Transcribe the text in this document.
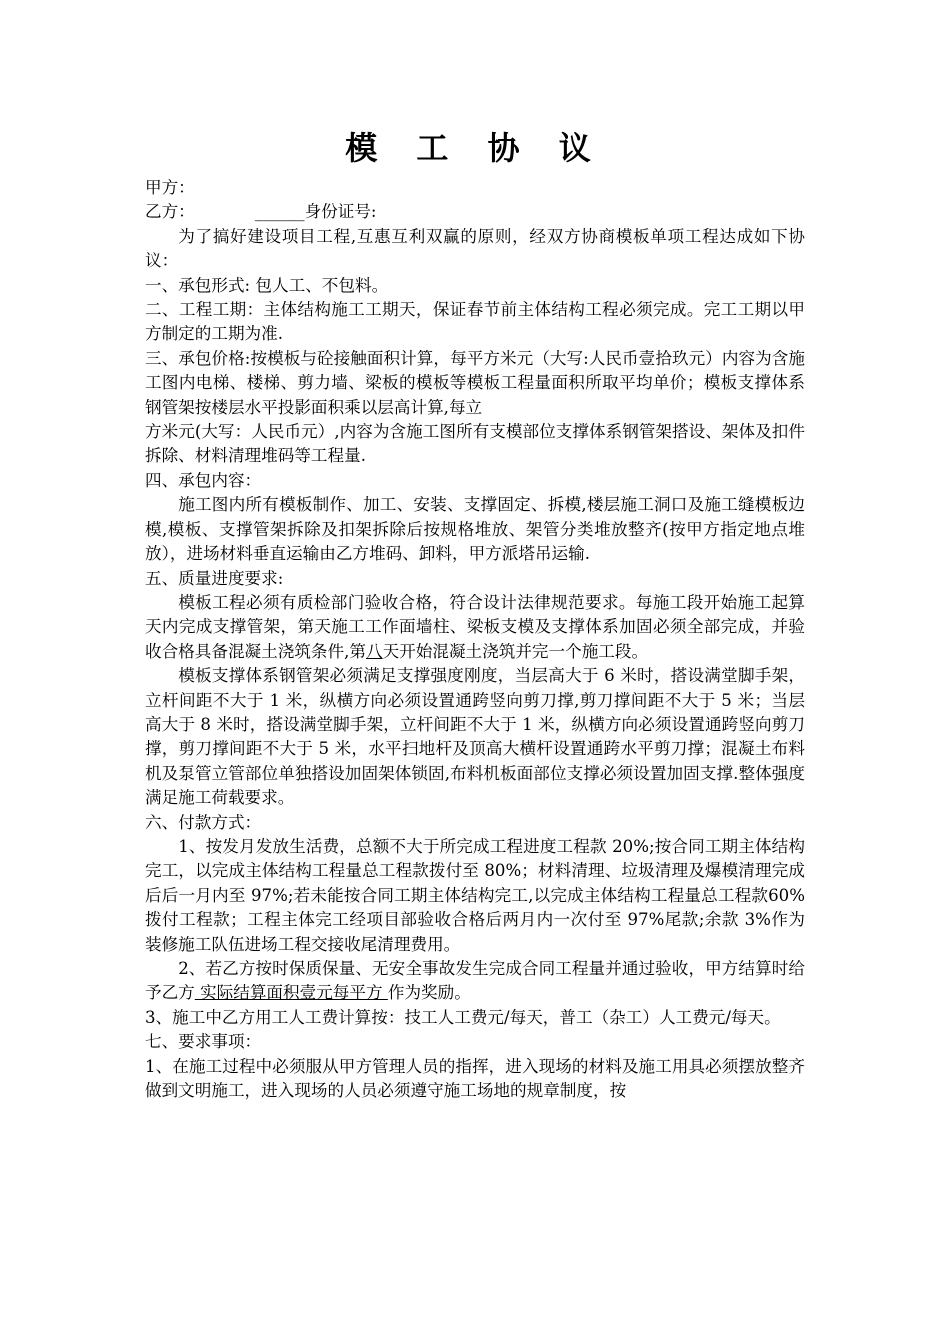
模 工 协 议

甲方：

乙方：	______身份证号:

为了搞好建设项目工程,互惠互利双赢的原则，经双方协商模板单项工程达成如下协议：

一、承包形式: 包人工、不包料。

二、工程工期：主体结构施工工期天，保证春节前主体结构工程必须完成。完工工期以甲方制定的工期为准.

三、承包价格:按模板与砼接触面积计算，每平方米元（大写:人民币壹拾玖元）内容为含施工图内电梯、楼梯、剪力墙、梁板的模板等模板工程量面积所取平均单价；模板支撑体系钢管架按楼层水平投影面积乘以层高计算,每立

方米元(大写：人民币元）,内容为含施工图所有支模部位支撑体系钢管架搭设、架体及扣件拆除、材料清理堆码等工程量.

四、承包内容：

施工图内所有模板制作、加工、安装、支撑固定、拆模,楼层施工洞口及施工缝模板边模,模板、支撑管架拆除及扣架拆除后按规格堆放、架管分类堆放整齐(按甲方指定地点堆放），进场材料垂直运输由乙方堆码、卸料，甲方派塔吊运输.

五、质量进度要求:

模板工程必须有质检部门验收合格，符合设计法律规范要求。每施工段开始施工起算天内完成支撑管架，第天施工工作面墙柱、梁板支模及支撑体系加固必须全部完成，并验收合格具备混凝土浇筑条件,第八天开始混凝土浇筑并完一个施工段。

模板支撑体系钢管架必须满足支撑强度刚度，当层高大于 6 米时，搭设满堂脚手架，立杆间距不大于 1 米，纵横方向必须设置通跨竖向剪刀撑,剪刀撑间距不大于 5 米；当层高大于 8 米时，搭设满堂脚手架，立杆间距不大于 1 米，纵横方向必须设置通跨竖向剪刀撑，剪刀撑间距不大于 5 米，水平扫地杆及顶高大横杆设置通跨水平剪刀撑；混凝土布料机及泵管立管部位单独搭设加固架体锁固,布料机板面部位支撑必须设置加固支撑.整体强度满足施工荷载要求。

六、付款方式：

1、按发月发放生活费，总额不大于所完成工程进度工程款 20%;按合同工期主体结构完工，以完成主体结构工程量总工程款拨付至 80%；材料清理、垃圾清理及爆模清理完成后后一月内至 97%;若未能按合同工期主体结构完工,以完成主体结构工程量总工程款60%拨付工程款；工程主体完工经项目部验收合格后两月内一次付至 97%尾款;余款 3%作为装修施工队伍进场工程交接收尾清理费用。

2、若乙方按时保质保量、无安全事故发生完成合同工程量并通过验收，甲方结算时给予乙方 实际结算面积壹元每平方 作为奖励。

3、施工中乙方用工人工费计算按：技工人工费元/每天，普工（杂工）人工费元/每天。

七、要求事项：

1、在施工过程中必须服从甲方管理人员的指挥，进入现场的材料及施工用具必须摆放整齐做到文明施工，进入现场的人员必须遵守施工场地的规章制度，按
